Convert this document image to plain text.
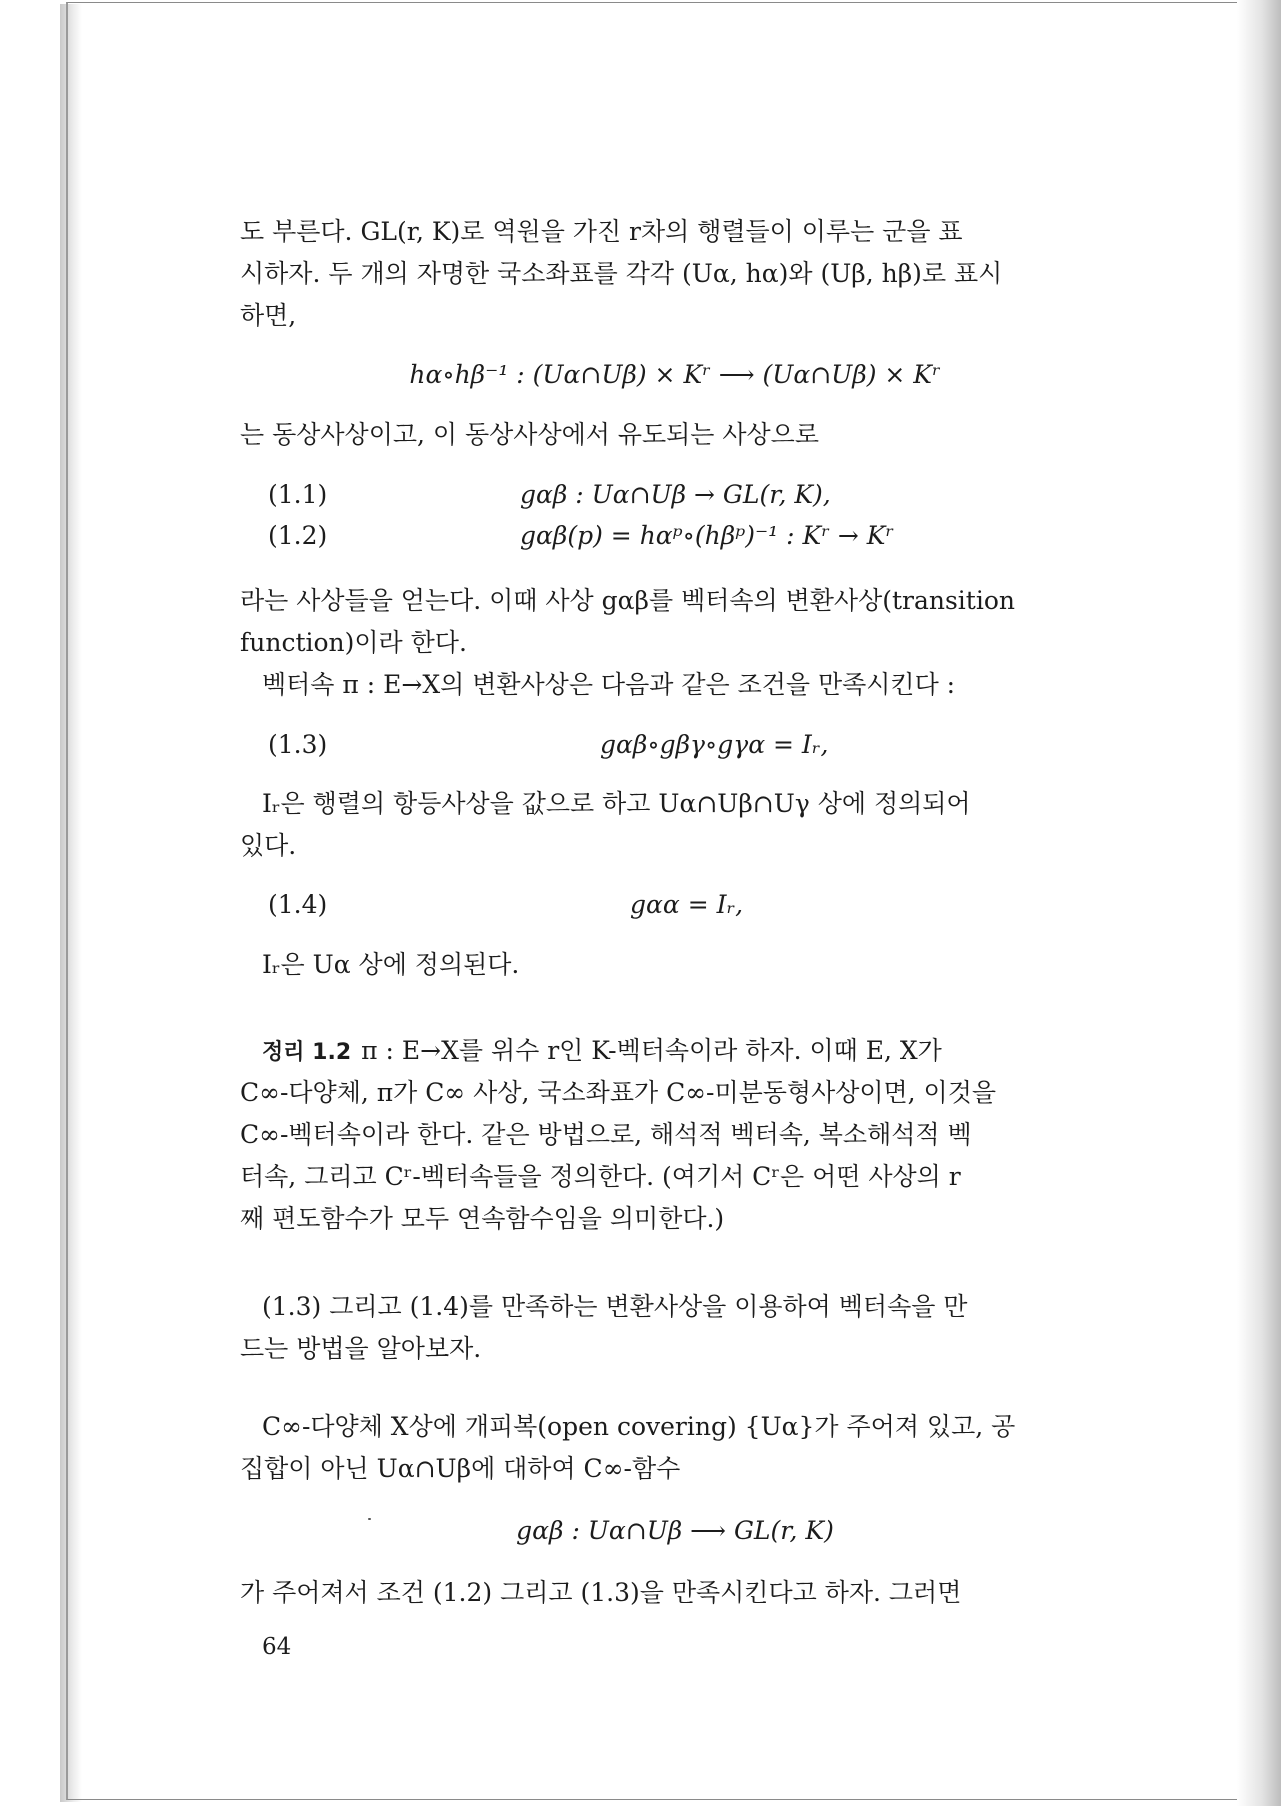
도 부른다. GL(r, K)로 역원을 가진 r차의 행렬들이 이루는 군을 표

시하자. 두 개의 자명한 국소좌표를 각각 (Uα, hα)와 (Uβ, hβ)로 표시

하면,

hα∘hβ⁻¹ : (Uα∩Uβ) × Kʳ ⟶ (Uα∩Uβ) × Kʳ

는 동상사상이고, 이 동상사상에서 유도되는 사상으로

(1.1)	gαβ : Uα∩Uβ → GL(r, K),
(1.2)	gαβ(p) = hαᵖ∘(hβᵖ)⁻¹ : Kʳ → Kʳ

라는 사상들을 얻는다. 이때 사상 gαβ를 벡터속의 변환사상(transition

function)이라 한다.

벡터속 π : E→X의 변환사상은 다음과 같은 조건을 만족시킨다 :

(1.3)	gαβ∘gβγ∘gγα = Iᵣ,

Iᵣ은 행렬의 항등사상을 값으로 하고 Uα∩Uβ∩Uγ 상에 정의되어

있다.

(1.4)	gαα = Iᵣ,

Iᵣ은 Uα 상에 정의된다.

정리 1.2 π : E→X를 위수 r인 K-벡터속이라 하자. 이때 E, X가

C∞-다양체, π가 C∞ 사상, 국소좌표가 C∞-미분동형사상이면, 이것을

C∞-벡터속이라 한다. 같은 방법으로, 해석적 벡터속, 복소해석적 벡

터속, 그리고 Cʳ-벡터속들을 정의한다. (여기서 Cʳ은 어떤 사상의 r

째 편도함수가 모두 연속함수임을 의미한다.)

(1.3) 그리고 (1.4)를 만족하는 변환사상을 이용하여 벡터속을 만

드는 방법을 알아보자.

C∞-다양체 X상에 개피복(open covering) {Uα}가 주어져 있고, 공

집합이 아닌 Uα∩Uβ에 대하여 C∞-함수

gαβ : Uα∩Uβ ⟶ GL(r, K)

가 주어져서 조건 (1.2) 그리고 (1.3)을 만족시킨다고 하자. 그러면

64
